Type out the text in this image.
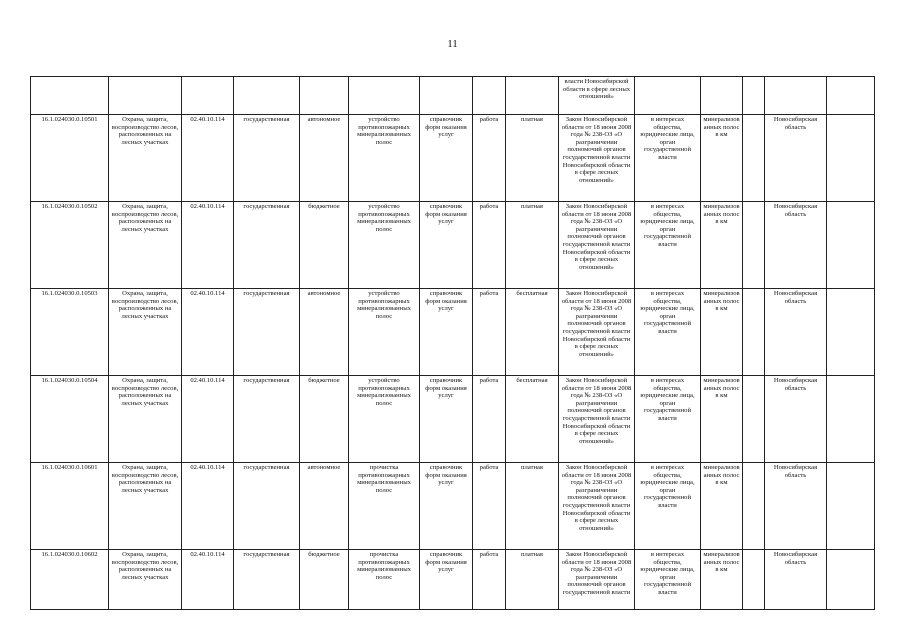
11
									власти Новосибирской области в сфере лесных отношений»					
16.1.024030.0.10501	Охрана, защита, воспроизводство лесов, расположенных на лесных участках	02.40.10.114	государственная	автономное	устройство противопожарных минерализованных полос	справочник форм оказания услуг	работа	платная	Закон Новосибирской области от 18 июня 2008 года № 238-ОЗ «О разграничении полномочий органов государственной власти Новосибирской области в сфере лесных отношений»	в интересах общества, юридические лица, орган государственной власти	минерализованных полос в км		Новосибирская область	
16.1.024030.0.10502	Охрана, защита, воспроизводство лесов, расположенных на лесных участках	02.40.10.114	государственная	бюджетное	устройство противопожарных минерализованных полос	справочник форм оказания услуг	работа	платная	Закон Новосибирской области от 18 июня 2008 года № 238-ОЗ «О разграничении полномочий органов государственной власти Новосибирской области в сфере лесных отношений»	в интересах общества, юридические лица, орган государственной власти	минерализованных полос в км		Новосибирская область	
16.1.024030.0.10503	Охрана, защита, воспроизводство лесов, расположенных на лесных участках	02.40.10.114	государственная	автономное	устройство противопожарных минерализованных полос	справочник форм оказания услуг	работа	бесплатная	Закон Новосибирской области от 18 июня 2008 года № 238-ОЗ «О разграничении полномочий органов государственной власти Новосибирской области в сфере лесных отношений»	в интересах общества, юридические лица, орган государственной власти	минерализованных полос в км		Новосибирская область	
16.1.024030.0.10504	Охрана, защита, воспроизводство лесов, расположенных на лесных участках	02.40.10.114	государственная	бюджетное	устройство противопожарных минерализованных полос	справочник форм оказания услуг	работа	бесплатная	Закон Новосибирской области от 18 июня 2008 года № 238-ОЗ «О разграничении полномочий органов государственной власти Новосибирской области в сфере лесных отношений»	в интересах общества, юридические лица, орган государственной власти	минерализованных полос в км		Новосибирская область	
16.1.024030.0.10601	Охрана, защита, воспроизводство лесов, расположенных на лесных участках	02.40.10.114	государственная	автономное	прочистка противопожарных минерализованных полос	справочник форм оказания услуг	работа	платная	Закон Новосибирской области от 18 июня 2008 года № 238-ОЗ «О разграничении полномочий органов государственной власти Новосибирской области в сфере лесных отношений»	в интересах общества, юридические лица, орган государственной власти	минерализованных полос в км		Новосибирская область	
16.1.024030.0.10602	Охрана, защита, воспроизводство лесов, расположенных на лесных участках	02.40.10.114	государственная	бюджетное	прочистка противопожарных минерализованных полос	справочник форм оказания услуг	работа	платная	Закон Новосибирской области от 18 июня 2008 года № 238-ОЗ «О разграничении полномочий органов государственной власти	в интересах общества, юридические лица, орган государственной власти	минерализованных полос в км		Новосибирская область	
